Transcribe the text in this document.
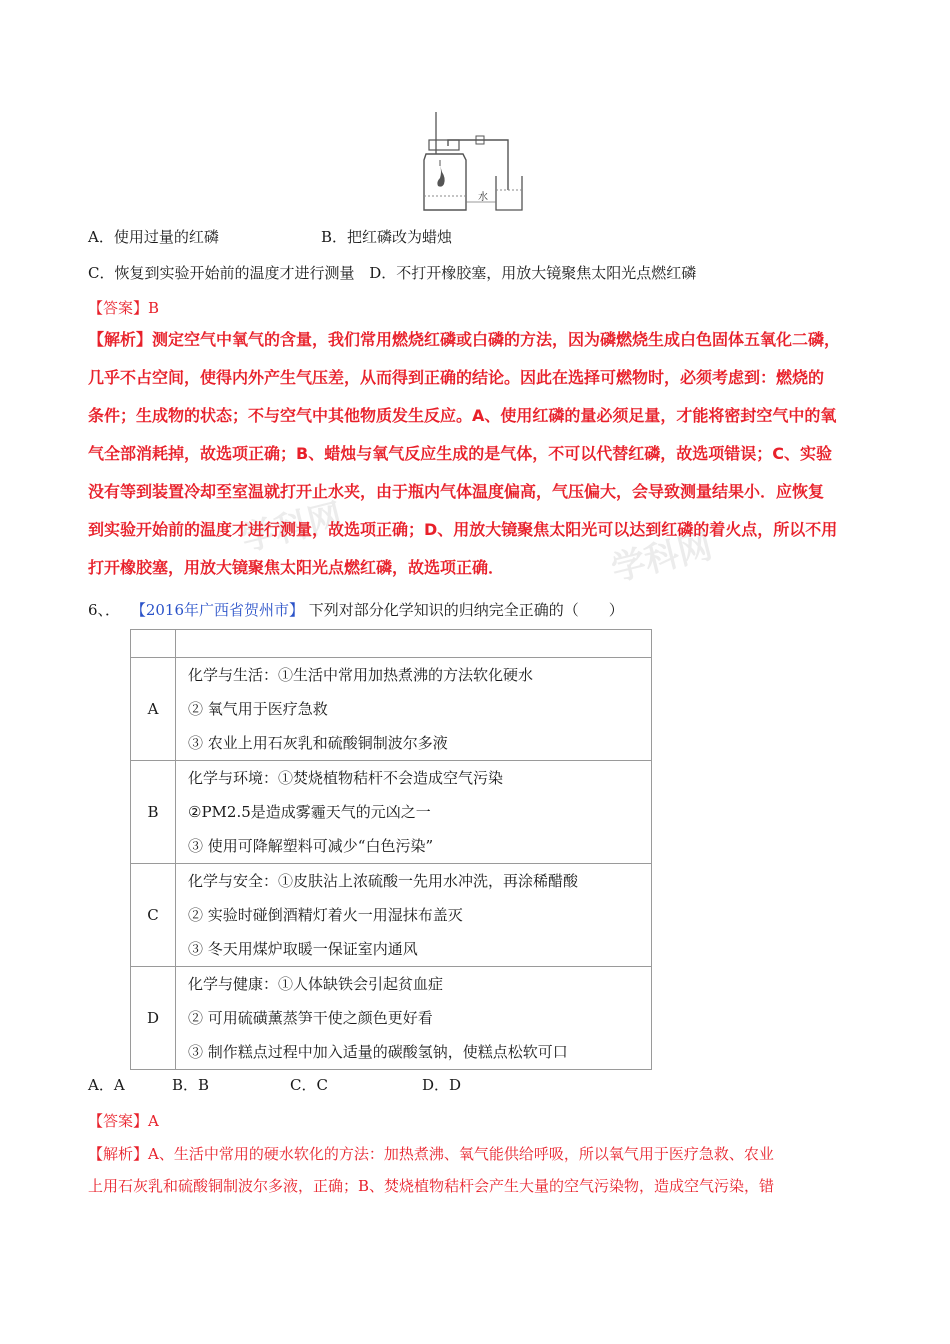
水
A．使用过量的红磷	B．把红磷改为蜡烛
C．恢复到实验开始前的温度才进行测量 D．不打开橡胶塞，用放大镜聚焦太阳光点燃红磷
【答案】B
学科网	学科网
【解析】测定空气中氧气的含量，我们常用燃烧红磷或白磷的方法，因为磷燃烧生成白色固体五氧化二磷，
几乎不占空间，使得内外产生气压差，从而得到正确的结论。因此在选择可燃物时，必须考虑到：燃烧的
条件；生成物的状态；不与空气中其他物质发生反应。A、使用红磷的量必须足量，才能将密封空气中的氧
气全部消耗掉，故选项正确；B、蜡烛与氧气反应生成的是气体，不可以代替红磷，故选项错误；C、实验
没有等到装置冷却至室温就打开止水夹，由于瓶内气体温度偏高，气压偏大，会导致测量结果小．应恢复
到实验开始前的温度才进行测量，故选项正确；D、用放大镜聚焦太阳光可以达到红磷的着火点，所以不用
打开橡胶塞，用放大镜聚焦太阳光点燃红磷，故选项正确．
6、． 【2016年广西省贺州市】 下列对部分化学知识的归纳完全正确的（　　）

A	化学与生活：①生活中常用加热煮沸的方法软化硬水
② 氧气用于医疗急救
③ 农业上用石灰乳和硫酸铜制波尔多液

B	化学与环境：①焚烧植物秸杆不会造成空气污染
②PM2.5是造成雾霾天气的元凶之一
③ 使用可降解塑料可减少“白色污染”

C	化学与安全：①皮肤沾上浓硫酸一先用水冲洗，再涂稀醋酸
② 实验时碰倒酒精灯着火一用湿抹布盖灭
③ 冬天用煤炉取暖一保证室内通风

D	化学与健康：①人体缺铁会引起贫血症
② 可用硫磺薰蒸笋干使之颜色更好看
③ 制作糕点过程中加入适量的碳酸氢钠，使糕点松软可口
A．A	B．B	C．C	D．D
【答案】A
【解析】A、生活中常用的硬水软化的方法：加热煮沸、氧气能供给呼吸，所以氧气用于医疗急救、农业
上用石灰乳和硫酸铜制波尔多液，正确；B、焚烧植物秸杆会产生大量的空气污染物，造成空气污染，错
